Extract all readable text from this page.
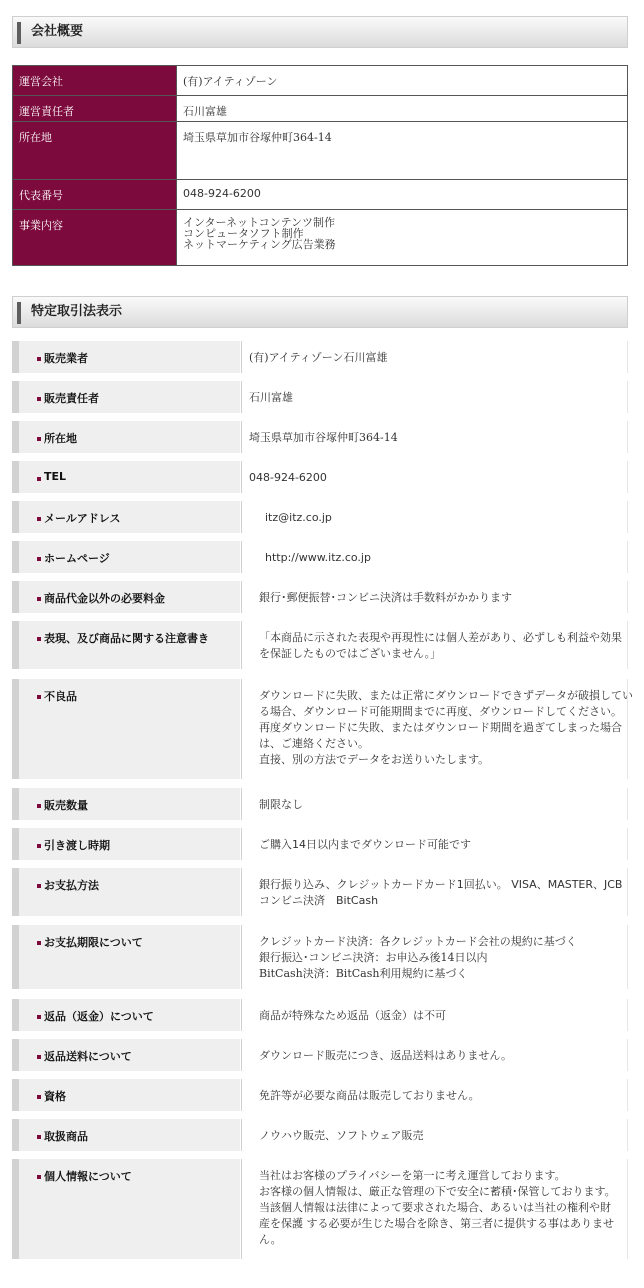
会社概要
運営会社	(有)アイティゾーン
運営責任者	石川富雄
所在地	埼玉県草加市谷塚仲町364-14
代表番号	048-924-6200
事業内容	インターネットコンテンツ制作
コンピュータソフト制作
ネットマーケティング広告業務
特定取引法表示
販売業者	(有)アイティゾーン石川富雄
販売責任者	石川富雄
所在地	埼玉県草加市谷塚仲町364-14
TEL	048-924-6200
メールアドレス	itz@itz.co.jp
ホームページ	http://www.itz.co.jp
商品代金以外の必要料金	銀行･郵便振替･コンビニ決済は手数料がかかります
表現、及び商品に関する注意書き	「本商品に示された表現や再現性には個人差があり、必ずしも利益や効果
を保証したものではございません。」
不良品	ダウンロードに失敗、または正常にダウンロードできずデータが破損してい
る場合、ダウンロード可能期間までに再度、ダウンロードしてください。
再度ダウンロードに失敗、またはダウンロード期間を過ぎてしまった場合
は、ご連絡ください。
直接、別の方法でデータをお送りいたします。
販売数量	制限なし
引き渡し時期	ご購入14日以内までダウンロード可能です
お支払方法	銀行振り込み、クレジットカードカード1回払い。 VISA、MASTER、JCB
コンビニ決済　BitCash
お支払期限について	クレジットカード決済：各クレジットカード会社の規約に基づく
銀行振込･コンビニ決済：お申込み後14日以内
BitCash決済：BitCash利用規約に基づく
返品（返金）について	商品が特殊なため返品（返金）は不可
返品送料について	ダウンロード販売につき、返品送料はありません。
資格	免許等が必要な商品は販売しておりません。
取扱商品	ノウハウ販売、ソフトウェア販売
個人情報について	当社はお客様のプライバシーを第一に考え運営しております。
お客様の個人情報は、厳正な管理の下で安全に蓄積･保管しております。
当該個人情報は法律によって要求された場合、あるいは当社の権利や財
産を保護 する必要が生じた場合を除き、第三者に提供する事はありませ
ん。
